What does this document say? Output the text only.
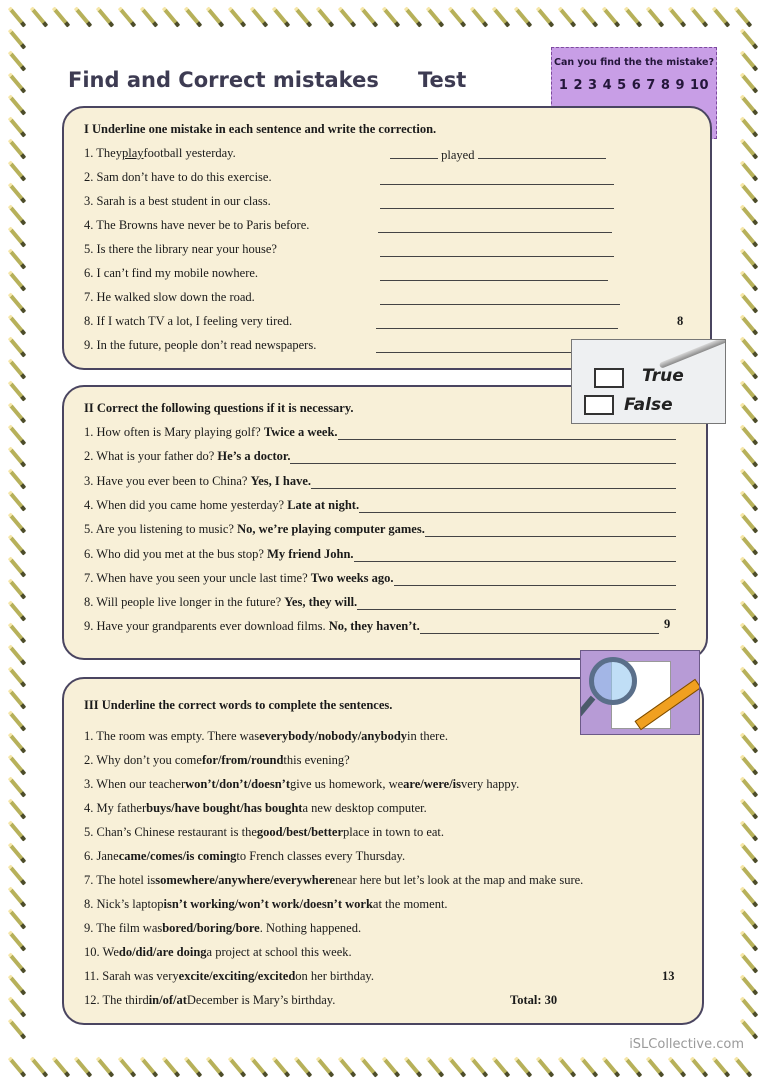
Find and Correct mistakes Test
Can you find the the mistake?
1 2 3 4 5 6 7 8 9 10
I Underline one mistake in each sentence and write the correction.
1. They play football yesterday.
2. Sam don’t have to do this exercise.
3. Sarah is a best student in our class.
4. The Browns have never be to Paris before.
5. Is there the library near your house?
6. I can’t find my mobile nowhere.
7. He walked slow down the road.
8. If I watch TV a lot, I feeling very tired.
9. In the future, people don’t read newspapers.
played
8
II Correct the following questions if it is necessary.
1. How often is Mary playing golf?
Twice a week.
2. What is your father do?
He’s a doctor.
3. Have you ever been to China?
Yes, I have.
4. When did you came home yesterday?
Late at night.
5. Are you listening to music?
No, we’re playing computer games.
6. Who did you met at the bus stop?
My friend John.
7. When have you seen your uncle last time?
Two weeks ago.
8. Will people live longer in the future?
Yes, they will.
9. Have your grandparents ever download films.
No, they haven’t.	9
III Underline the correct words to complete the sentences.
1. The room was empty. There was everybody/nobody/anybody in there.
2. Why don’t you come for/from/round this evening?
3. When our teacher won’t/don’t/doesn’t give us homework, we are/were/is very happy.
4. My father buys/have bought/has bought a new desktop computer.
5. Chan’s Chinese restaurant is the good/best/better place in town to eat.
6. Jane came/comes/is coming to French classes every Thursday.
7. The hotel is somewhere/anywhere/everywhere near here but let’s look at the map and make sure.
8. Nick’s laptop isn’t working/won’t work/doesn’t work at the moment.
9. The film was bored/boring/bore . Nothing happened.
10. We do/did/are doing a project at school this week.
11. Sarah was very excite/exciting/excited on her birthday.
12. The third in/of/at December is Mary’s birthday.
13
Total: 30
True
False
iSLCollective.com
